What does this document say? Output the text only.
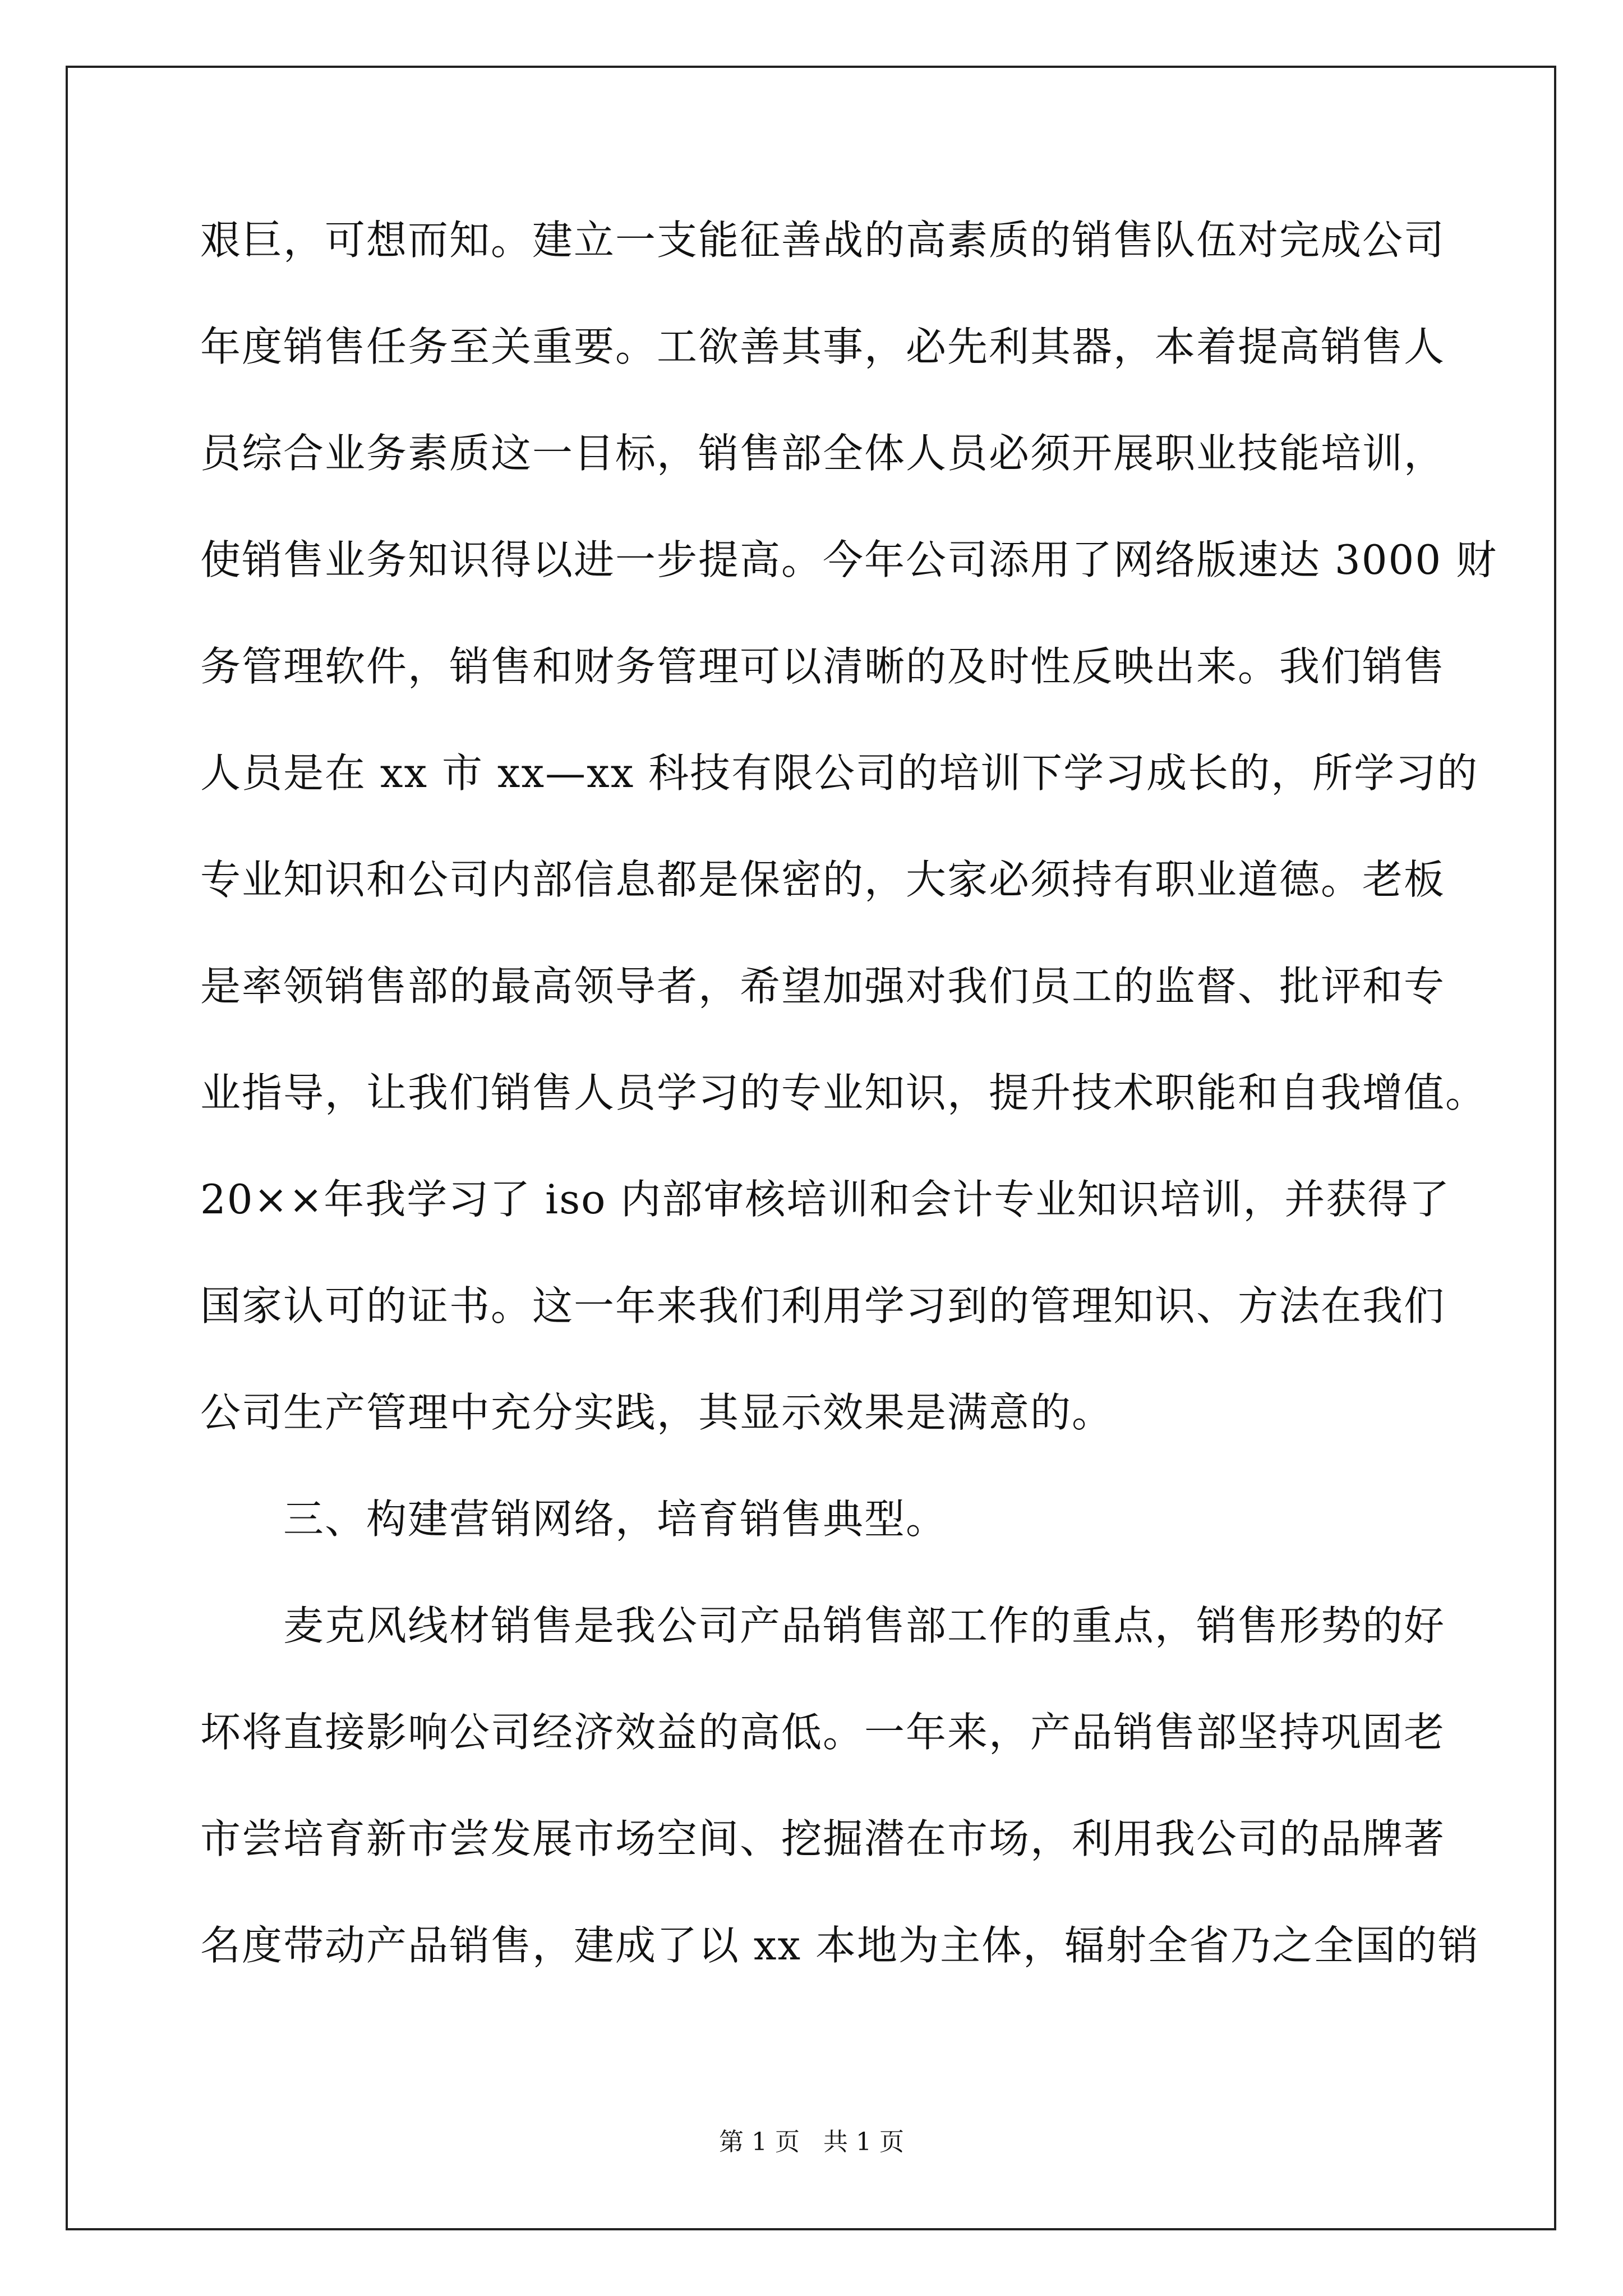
艰巨，可想而知。建立一支能征善战的高素质的销售队伍对完成公司
年度销售任务至关重要。工欲善其事，必先利其器，本着提高销售人
员综合业务素质这一目标，销售部全体人员必须开展职业技能培训，
使销售业务知识得以进一步提高。今年公司添用了网络版速达 3000 财
务管理软件，销售和财务管理可以清晰的及时性反映出来。我们销售
人员是在 xx 市 xx—xx 科技有限公司的培训下学习成长的，所学习的
专业知识和公司内部信息都是保密的，大家必须持有职业道德。老板
是率领销售部的最高领导者，希望加强对我们员工的监督、批评和专
业指导，让我们销售人员学习的专业知识，提升技术职能和自我增值。
20××年我学习了 iso 内部审核培训和会计专业知识培训，并获得了
国家认可的证书。这一年来我们利用学习到的管理知识、方法在我们
公司生产管理中充分实践，其显示效果是满意的。
三、构建营销网络，培育销售典型。
麦克风线材销售是我公司产品销售部工作的重点，销售形势的好
坏将直接影响公司经济效益的高低。一年来，产品销售部坚持巩固老
市尝培育新市尝发展市场空间、挖掘潜在市场，利用我公司的品牌著
名度带动产品销售，建成了以 xx 本地为主体，辐射全省乃之全国的销
第 1 页   共 1 页
